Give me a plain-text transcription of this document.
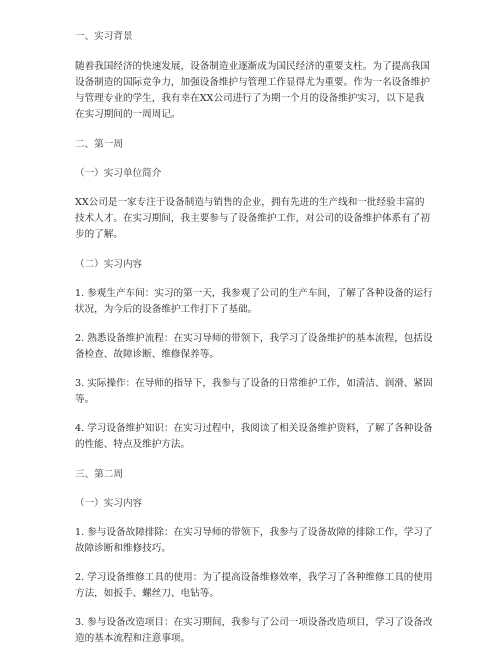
一、实习背景

随着我国经济的快速发展，设备制造业逐渐成为国民经济的重要支柱。为了提高我国设备制造的国际竞争力，加强设备维护与管理工作显得尤为重要。作为一名设备维护与管理专业的学生，我有幸在XX公司进行了为期一个月的设备维护实习，以下是我在实习期间的一周周记。

二、第一周

（一）实习单位简介

XX公司是一家专注于设备制造与销售的企业，拥有先进的生产线和一批经验丰富的技术人才。在实习期间，我主要参与了设备维护工作，对公司的设备维护体系有了初步的了解。

（二）实习内容

1. 参观生产车间：实习的第一天，我参观了公司的生产车间，了解了各种设备的运行状况，为今后的设备维护工作打下了基础。

2. 熟悉设备维护流程：在实习导师的带领下，我学习了设备维护的基本流程，包括设备检查、故障诊断、维修保养等。

3. 实际操作：在导师的指导下，我参与了设备的日常维护工作，如清洁、润滑、紧固等。

4. 学习设备维护知识：在实习过程中，我阅读了相关设备维护资料，了解了各种设备的性能、特点及维护方法。

三、第二周

（一）实习内容

1. 参与设备故障排除：在实习导师的带领下，我参与了设备故障的排除工作，学习了故障诊断和维修技巧。

2. 学习设备维修工具的使用：为了提高设备维修效率，我学习了各种维修工具的使用方法，如扳手、螺丝刀、电钻等。

3. 参与设备改造项目：在实习期间，我参与了公司一项设备改造项目，学习了设备改造的基本流程和注意事项。
